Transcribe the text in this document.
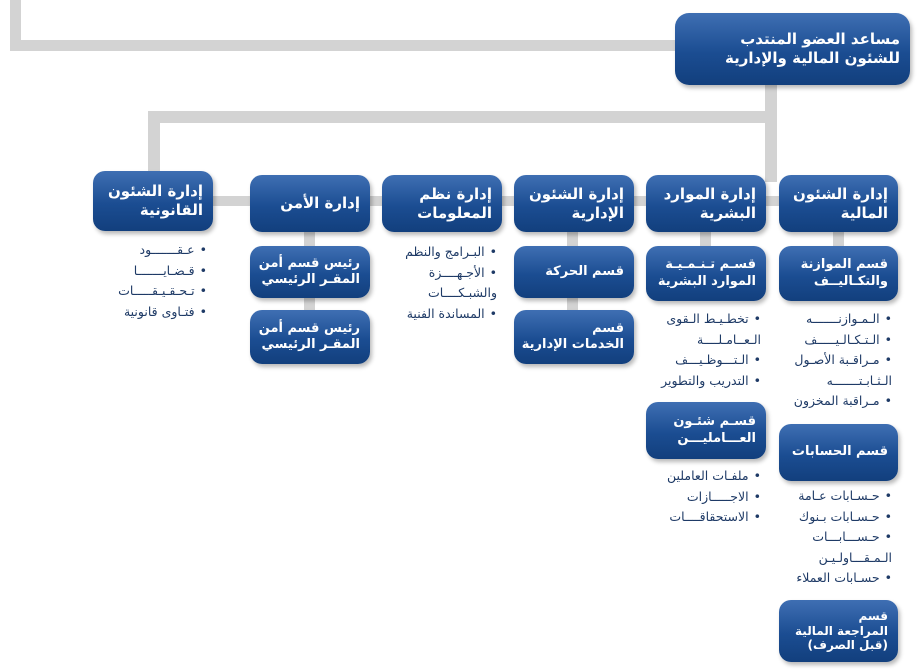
مساعد العضو المنتدب
للشئون المالية والإدارية
إدارة الشئون
المالية
إدارة الموارد
البشرية
إدارة الشئون
الإدارية
إدارة نظم
المعلومات
إدارة الأمن
إدارة الشئون
القانونية
قسم الموازنة
والتكـاليــف
• الـمـوازنـــــــه
• الـتـكـالـيـــــف
• مـراقـبة الأصـول
الـثـابـتـــــــه
• مـراقبة المخزون
قسم الحسابات
• حـسـابات عـامة
• حـسـابات بـنوك
• حـســـابـــات
الـمـقـــاولـيـن
• حسـابات العملاء
قسم
المراجعة المالية
(قبل الصرف)
قسـم تـنـمـيـة
الموارد البشرية
• تخطـيـط الـقوى
الـعــامـلــــة
• الـتـــوظـيـــف
• التدريب والتطوير
قسـم شئـون
العـــامليـــن
• ملفـات العاملين
• الاجـــــازات
• الاستحقاقــــات
قسم الحركة
قسم
الخدمات الإدارية
• البـرامج والنظم
• الأجـهــــزة
والشبـكــــات
• المساندة الفنية
رئيس قسم أمن
المقـر الرئيسي
رئيس قسم أمن
المقـر الرئيسي
• عـقـــــــود
• قـضـايـــــــا
• تـحـقـيـقـــــات
• فتـاوى قانونية
